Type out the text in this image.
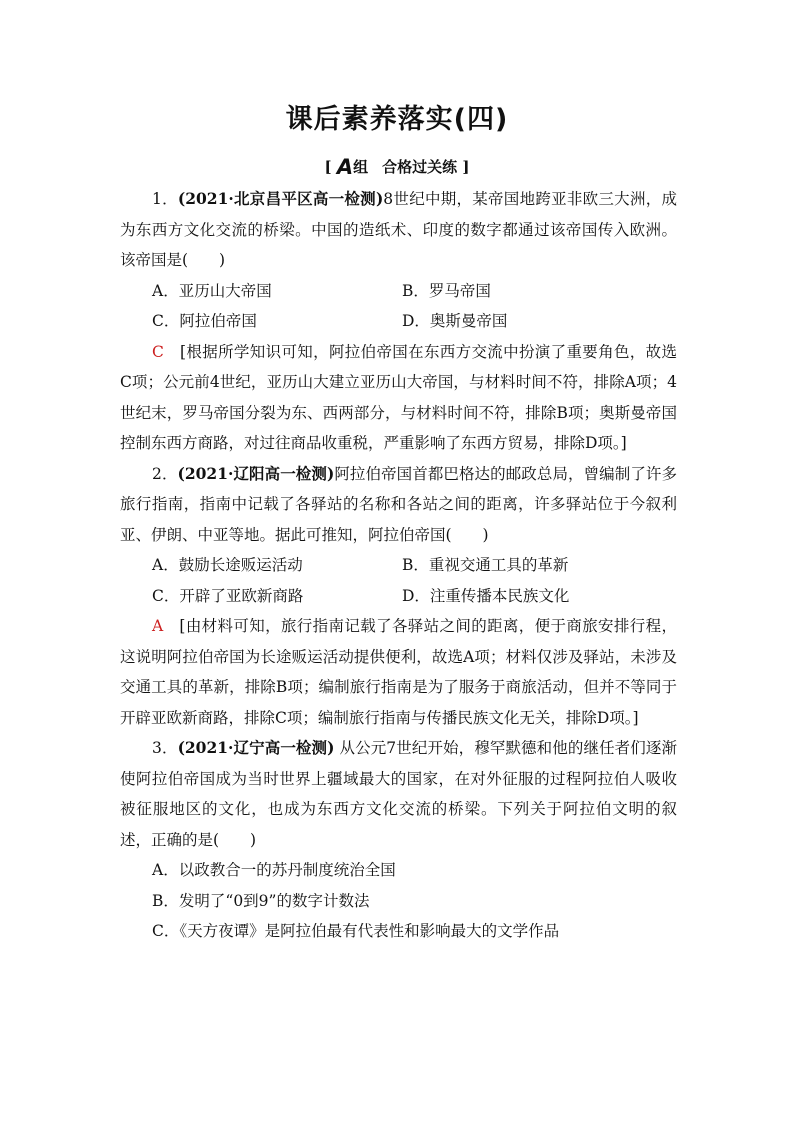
课后素养落实(四)
[ A组 合格过关练 ]

1．(2021·北京昌平区高一检测)8世纪中期，某帝国地跨亚非欧三大洲，成为东西方文化交流的桥梁。中国的造纸术、印度的数字都通过该帝国传入欧洲。该帝国是(　　)

A．亚历山大帝国	B．罗马帝国
C．阿拉伯帝国	D．奥斯曼帝国

C　 [根据所学知识可知，阿拉伯帝国在东西方交流中扮演了重要角色，故选C项；公元前4世纪，亚历山大建立亚历山大帝国，与材料时间不符，排除A项；4世纪末，罗马帝国分裂为东、西两部分，与材料时间不符，排除B项；奥斯曼帝国控制东西方商路，对过往商品收重税，严重影响了东西方贸易，排除D项。]

2．(2021·辽阳高一检测)阿拉伯帝国首都巴格达的邮政总局，曾编制了许多旅行指南，指南中记载了各驿站的名称和各站之间的距离，许多驿站位于今叙利亚、伊朗、中亚等地。据此可推知，阿拉伯帝国(　　)

A．鼓励长途贩运活动	B．重视交通工具的革新
C．开辟了亚欧新商路	D．注重传播本民族文化

A　 [由材料可知，旅行指南记载了各驿站之间的距离，便于商旅安排行程，这说明阿拉伯帝国为长途贩运活动提供便利，故选A项；材料仅涉及驿站，未涉及交通工具的革新，排除B项；编制旅行指南是为了服务于商旅活动，但并不等同于开辟亚欧新商路，排除C项；编制旅行指南与传播民族文化无关，排除D项。]

3．(2021·辽宁高一检测) 从公元7世纪开始，穆罕默德和他的继任者们逐渐使阿拉伯帝国成为当时世界上疆域最大的国家，在对外征服的过程阿拉伯人吸收被征服地区的文化，也成为东西方文化交流的桥梁。下列关于阿拉伯文明的叙述，正确的是(　　)

A．以政教合一的苏丹制度统治全国
B．发明了“0到9”的数字计数法
C．《天方夜谭》是阿拉伯最有代表性和影响最大的文学作品
